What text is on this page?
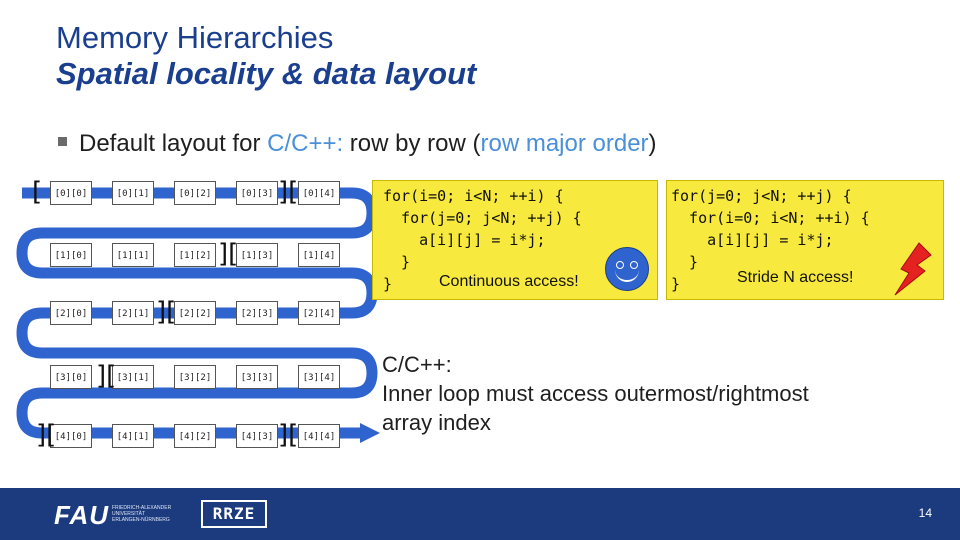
Memory Hierarchies
Spatial locality & data layout
Default layout for C/C++: row by row (row major order)
[0][0]	[0][1]	[0][2]	[0][3]	[0][4]
[1][0]	[1][1]	[1][2]	[1][3]	[1][4]
[2][0]	[2][1]	[2][2]	[2][3]	[2][4]
[3][0]	[3][1]	[3][2]	[3][3]	[3][4]
[4][0]	[4][1]	[4][2]	[4][3]	[4][4]
[	][
][
][
][
][	][
for(i=0; i<N; ++i) {
for(j=0; j<N; ++j) {
a[i][j] = i*j;
}
}	Continuous access!
for(j=0; j<N; ++j) {
for(i=0; i<N; ++i) {
a[i][j] = i*j;
}
}	Stride N access!
C/C++:
Inner loop must access outermost/rightmost
array index
FAU FRIEDRICH-ALEXANDER
UNIVERSITÄT
ERLANGEN-NÜRNBERG	RRZE	14
